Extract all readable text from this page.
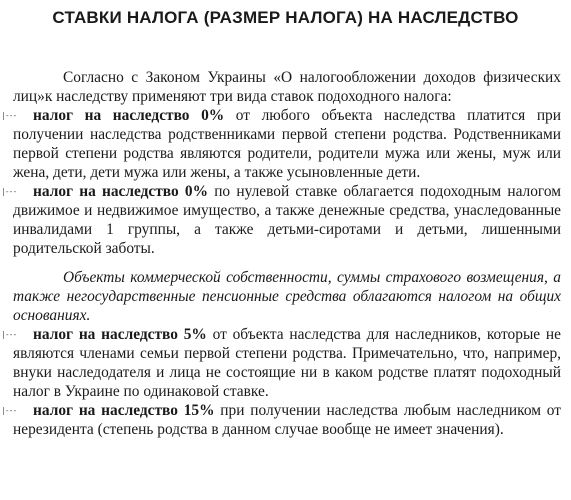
СТАВКИ НАЛОГА (РАЗМЕР НАЛОГА) НА НАСЛЕДСТВО

Согласно с Законом Украины «О налогообложении доходов физических лиц»к наследству применяют три вида ставок подоходного налога:

|--- налог на наследство 0% от любого объекта наследства платится при получении наследства родственниками первой степени родства. Родственниками первой степени родства являются родители, родители мужа или жены, муж или жена, дети, дети мужа или жены, а также усыновленные дети.

|--- налог на наследство 0% по нулевой ставке облагается подоходным налогом движимое и недвижимое имущество, а также денежные средства, унаследованные инвалидами 1 группы, а также детьми-сиротами и детьми, лишенными родительской заботы.

Объекты коммерческой собственности, суммы страхового возмещения, а также негосударственные пенсионные средства облагаются налогом на общих основаниях.

|--- налог на наследство 5% от объекта наследства для наследников, которые не являются членами семьи первой степени родства. Примечательно, что, например, внуки наследодателя и лица не состоящие ни в каком родстве платят подоходный налог в Украине по одинаковой ставке.

|--- налог на наследство 15% при получении наследства любым наследником от нерезидента (степень родства в данном случае вообще не имеет значения).
